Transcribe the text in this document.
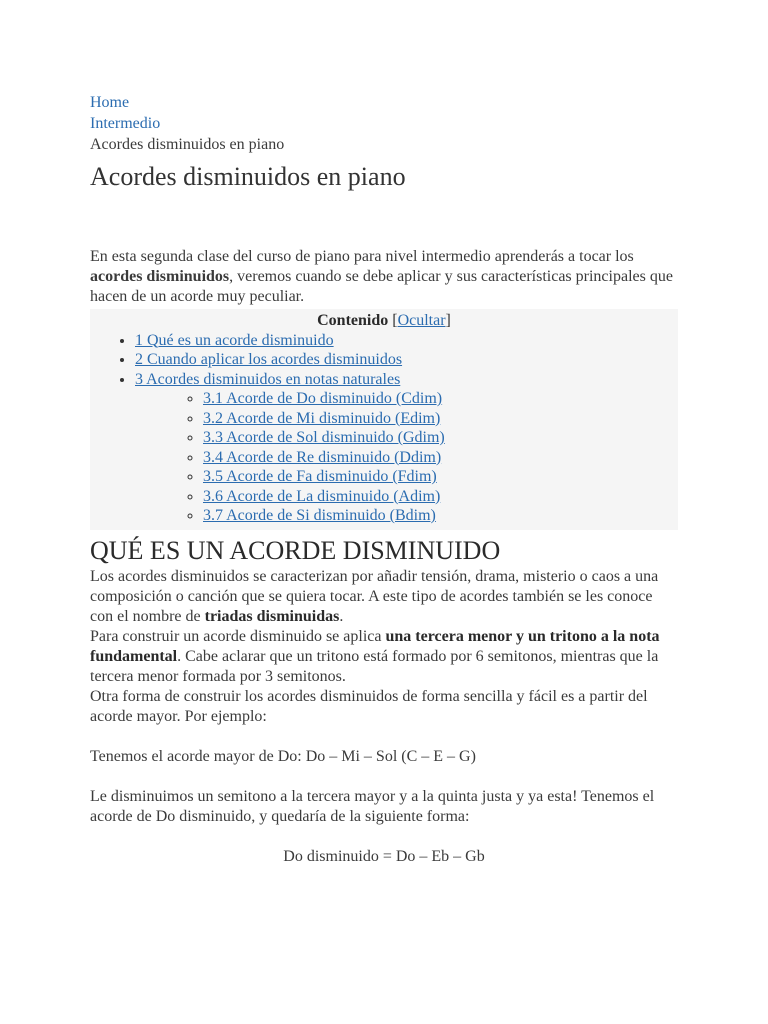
Home
Intermedio
Acordes disminuidos en piano
Acordes disminuidos en piano
En esta segunda clase del curso de piano para nivel intermedio aprenderás a tocar los acordes disminuidos, veremos cuando se debe aplicar y sus características principales que hacen de un acorde muy peculiar.
Contenido [Ocultar]
• 1 Qué es un acorde disminuido
• 2 Cuando aplicar los acordes disminuidos
• 3 Acordes disminuidos en notas naturales
◦ 3.1 Acorde de Do disminuido (Cdim)
◦ 3.2 Acorde de Mi disminuido (Edim)
◦ 3.3 Acorde de Sol disminuido (Gdim)
◦ 3.4 Acorde de Re disminuido (Ddim)
◦ 3.5 Acorde de Fa disminuido (Fdim)
◦ 3.6 Acorde de La disminuido (Adim)
◦ 3.7 Acorde de Si disminuido (Bdim)
QUÉ ES UN ACORDE DISMINUIDO

Los acordes disminuidos se caracterizan por añadir tensión, drama, misterio o caos a una composición o canción que se quiera tocar. A este tipo de acordes también se les conoce con el nombre de triadas disminuidas.

Para construir un acorde disminuido se aplica una tercera menor y un tritono a la nota fundamental. Cabe aclarar que un tritono está formado por 6 semitonos, mientras que la tercera menor formada por 3 semitonos.

Otra forma de construir los acordes disminuidos de forma sencilla y fácil es a partir del acorde mayor. Por ejemplo:

Tenemos el acorde mayor de Do: Do – Mi – Sol (C – E – G)

Le disminuimos un semitono a la tercera mayor y a la quinta justa y ya esta! Tenemos el acorde de Do disminuido, y quedaría de la siguiente forma:

Do disminuido = Do – Eb – Gb
